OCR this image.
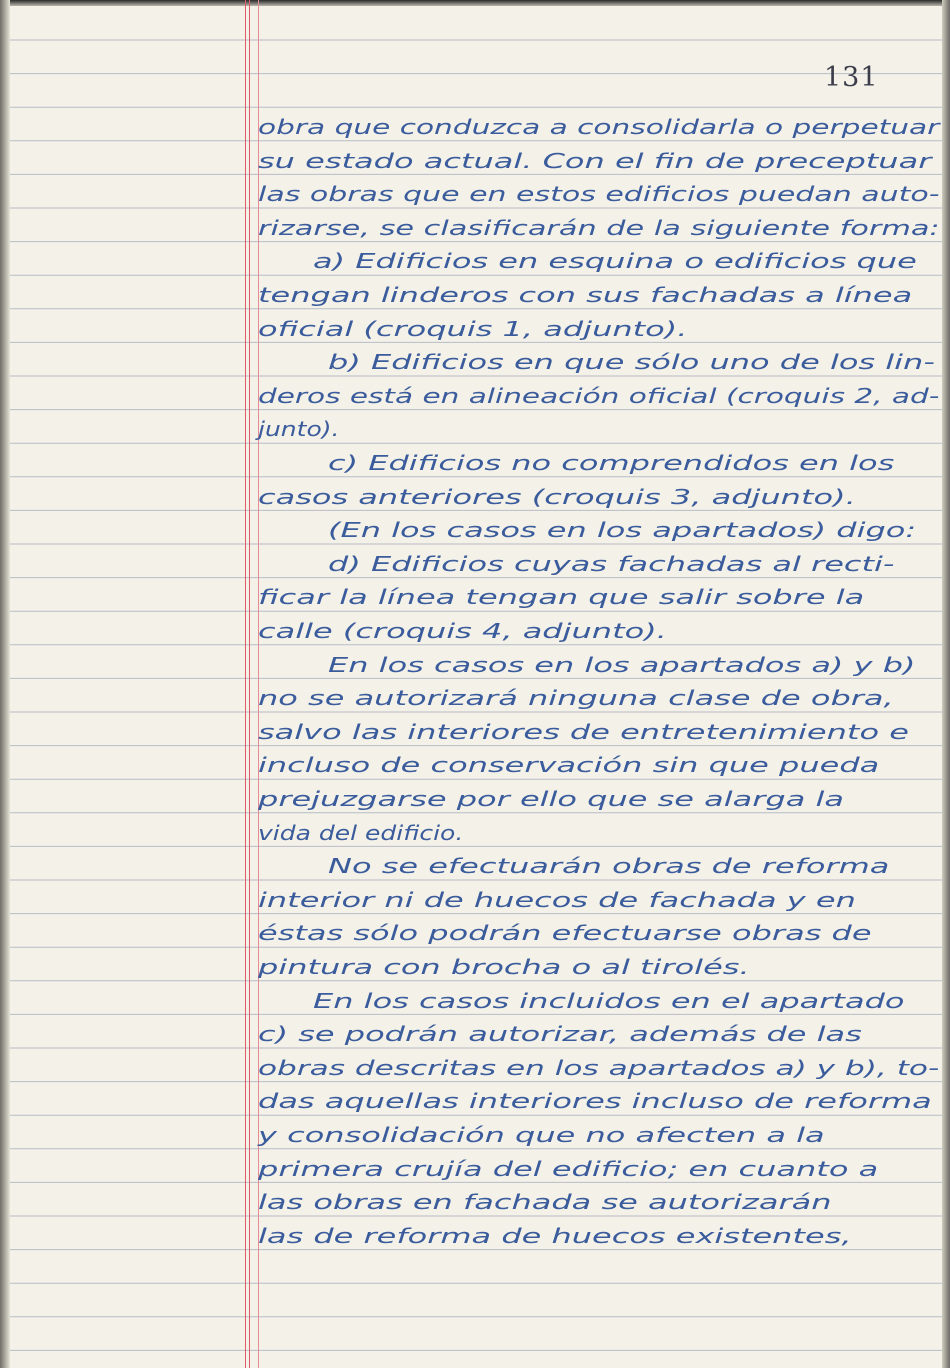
131
obra que conduzca a consolidarla o perpetuar
su estado actual. Con el fin de preceptuar
las obras que en estos edificios puedan auto-
rizarse, se clasificarán de la siguiente forma:
a) Edificios en esquina o edificios que
tengan linderos con sus fachadas a línea
oficial (croquis 1, adjunto).
b) Edificios en que sólo uno de los lin-
deros está en alineación oficial (croquis 2, ad-
junto).
c) Edificios no comprendidos en los
casos anteriores (croquis 3, adjunto).
(En los casos en los apartados) digo:
d) Edificios cuyas fachadas al recti-
ficar la línea tengan que salir sobre la
calle (croquis 4, adjunto).
En los casos en los apartados a) y b)
no se autorizará ninguna clase de obra,
salvo las interiores de entretenimiento e
incluso de conservación sin que pueda
prejuzgarse por ello que se alarga la
vida del edificio.
No se efectuarán obras de reforma
interior ni de huecos de fachada y en
éstas sólo podrán efectuarse obras de
pintura con brocha o al tirolés.
En los casos incluidos en el apartado
c) se podrán autorizar, además de las
obras descritas en los apartados a) y b), to-
das aquellas interiores incluso de reforma
y consolidación que no afecten a la
primera crujía del edificio; en cuanto a
las obras en fachada se autorizarán
las de reforma de huecos existentes,
